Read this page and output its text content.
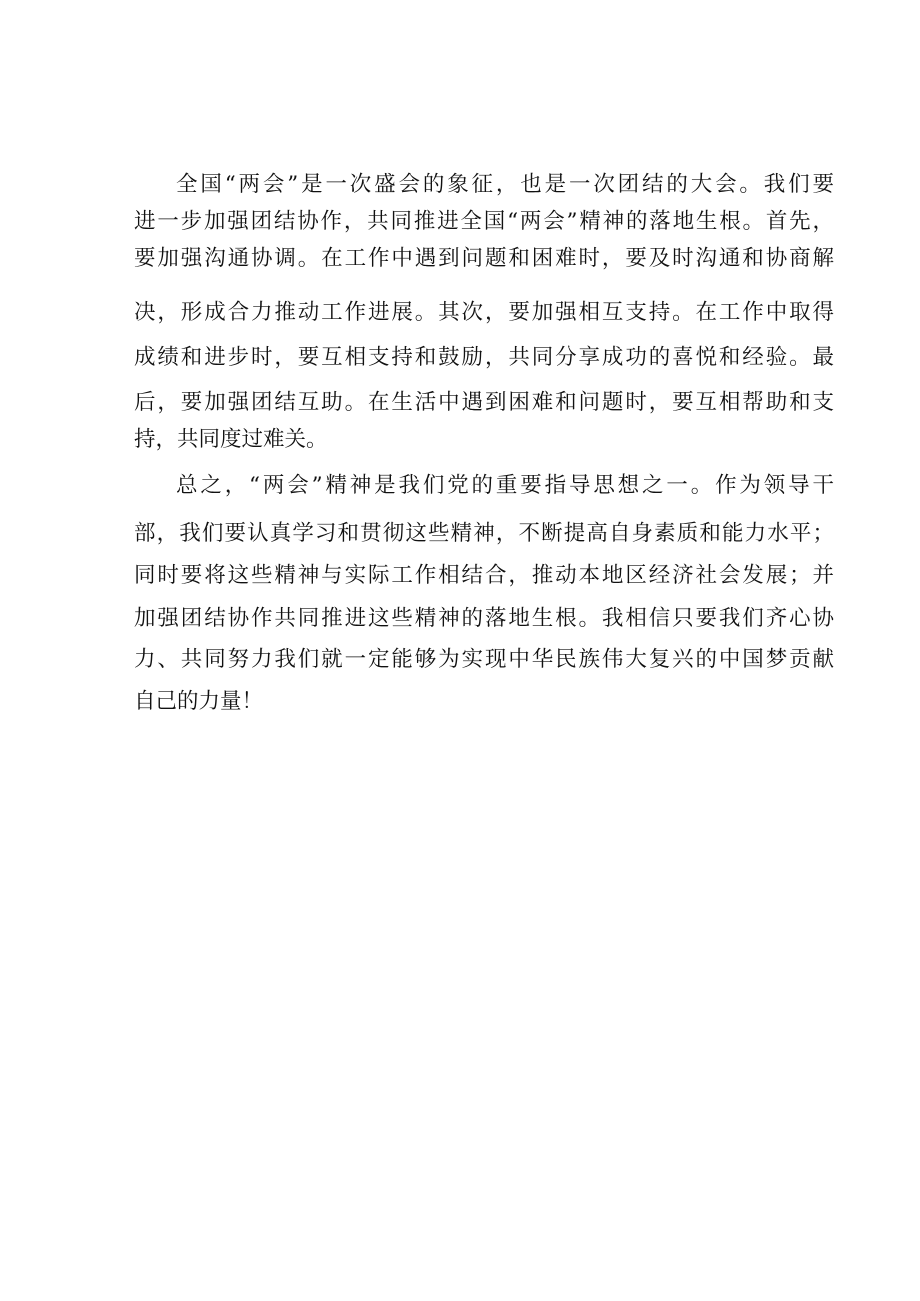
全国“两会”是一次盛会的象征，也是一次团结的大会。我们要
进一步加强团结协作，共同推进全国“两会”精神的落地生根。首先，
要加强沟通协调。在工作中遇到问题和困难时，要及时沟通和协商解
决，形成合力推动工作进展。其次，要加强相互支持。在工作中取得
成绩和进步时，要互相支持和鼓励，共同分享成功的喜悦和经验。最
后，要加强团结互助。在生活中遇到困难和问题时，要互相帮助和支
持，共同度过难关。
总之，“两会”精神是我们党的重要指导思想之一。作为领导干
部，我们要认真学习和贯彻这些精神，不断提高自身素质和能力水平；
同时要将这些精神与实际工作相结合，推动本地区经济社会发展；并
加强团结协作共同推进这些精神的落地生根。我相信只要我们齐心协
力、共同努力我们就一定能够为实现中华民族伟大复兴的中国梦贡献
自己的力量！
